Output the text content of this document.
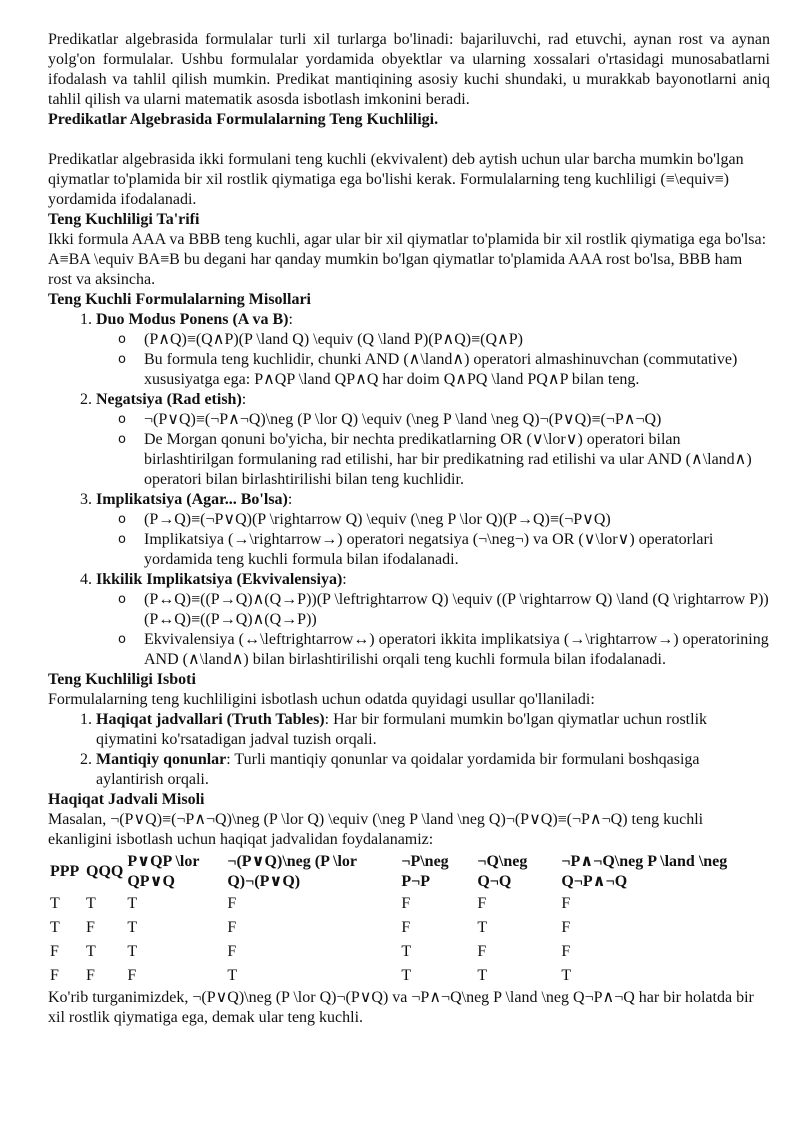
Predikatlar algebrasida formulalar turli xil turlarga bo'linadi: bajariluvchi, rad etuvchi, aynan rost va aynan yolg'on formulalar. Ushbu formulalar yordamida obyektlar va ularning xossalari o'rtasidagi munosabatlarni ifodalash va tahlil qilish mumkin. Predikat mantiqining asosiy kuchi shundaki, u murakkab bayonotlarni aniq tahlil qilish va ularni matematik asosda isbotlash imkonini beradi.

Predikatlar Algebrasida Formulalarning Teng Kuchliligi.

Predikatlar algebrasida ikki formulani teng kuchli (ekvivalent) deb aytish uchun ular barcha mumkin bo'lgan qiymatlar to'plamida bir xil rostlik qiymatiga ega bo'lishi kerak. Formulalarning teng kuchliligi (≡\equiv≡) yordamida ifodalanadi.

Teng Kuchliligi Ta'rifi

Ikki formula AAA va BBB teng kuchli, agar ular bir xil qiymatlar to'plamida bir xil rostlik qiymatiga ega bo'lsa: A≡BA \equiv BA≡B bu degani har qanday mumkin bo'lgan qiymatlar to'plamida AAA rost bo'lsa, BBB ham rost va aksincha.

Teng Kuchli Formulalarning Misollari
1. Duo Modus Ponens (A va B):
o (P∧Q)≡(Q∧P)(P \land Q) \equiv (Q \land P)(P∧Q)≡(Q∧P)
o Bu formula teng kuchlidir, chunki AND (∧\land∧) operatori almashinuvchan (commutative) xususiyatga ega: P∧QP \land QP∧Q har doim Q∧PQ \land PQ∧P bilan teng.
2. Negatsiya (Rad etish):
o ¬(P∨Q)≡(¬P∧¬Q)\neg (P \lor Q) \equiv (\neg P \land \neg Q)¬(P∨Q)≡(¬P∧¬Q)
o De Morgan qonuni bo'yicha, bir nechta predikatlarning OR (∨\lor∨) operatori bilan birlashtirilgan formulaning rad etilishi, har bir predikatning rad etilishi va ular AND (∧\land∧) operatori bilan birlashtirilishi bilan teng kuchlidir.
3. Implikatsiya (Agar... Bo'lsa):
o (P→Q)≡(¬P∨Q)(P \rightarrow Q) \equiv (\neg P \lor Q)(P→Q)≡(¬P∨Q)
o Implikatsiya (→\rightarrow→) operatori negatsiya (¬\neg¬) va OR (∨\lor∨) operatorlari yordamida teng kuchli formula bilan ifodalanadi.
4. Ikkilik Implikatsiya (Ekvivalensiya):
o (P↔Q)≡((P→Q)∧(Q→P))(P \leftrightarrow Q) \equiv ((P \rightarrow Q) \land (Q \rightarrow P))(P↔Q)≡((P→Q)∧(Q→P))
o Ekvivalensiya (↔\leftrightarrow↔) operatori ikkita implikatsiya (→\rightarrow→) operatorining AND (∧\land∧) bilan birlashtirilishi orqali teng kuchli formula bilan ifodalanadi.
Teng Kuchliligi Isboti

Formulalarning teng kuchliligini isbotlash uchun odatda quyidagi usullar qo'llaniladi:

1. Haqiqat jadvallari (Truth Tables): Har bir formulani mumkin bo'lgan qiymatlar uchun rostlik qiymatini ko'rsatadigan jadval tuzish orqali.
2. Mantiqiy qonunlar: Turli mantiqiy qonunlar va qoidalar yordamida bir formulani boshqasiga aylantirish orqali.
Haqiqat Jadvali Misoli

Masalan, ¬(P∨Q)≡(¬P∧¬Q)\neg (P \lor Q) \equiv (\neg P \land \neg Q)¬(P∨Q)≡(¬P∧¬Q) teng kuchli ekanligini isbotlash uchun haqiqat jadvalidan foydalanamiz:

PPP	QQQ	P∨QP \lor QP∨Q	¬(P∨Q)\neg (P \lor Q)¬(P∨Q)	¬P\neg P¬P	¬Q\neg Q¬Q	¬P∧¬Q\neg P \land \neg Q¬P∧¬Q
T	T	T	F	F	F	F
T	F	T	F	F	T	F
F	T	T	F	T	F	F
F	F	F	T	T	T	T

Ko'rib turganimizdek, ¬(P∨Q)\neg (P \lor Q)¬(P∨Q) va ¬P∧¬Q\neg P \land \neg Q¬P∧¬Q har bir holatda bir xil rostlik qiymatiga ega, demak ular teng kuchli.
